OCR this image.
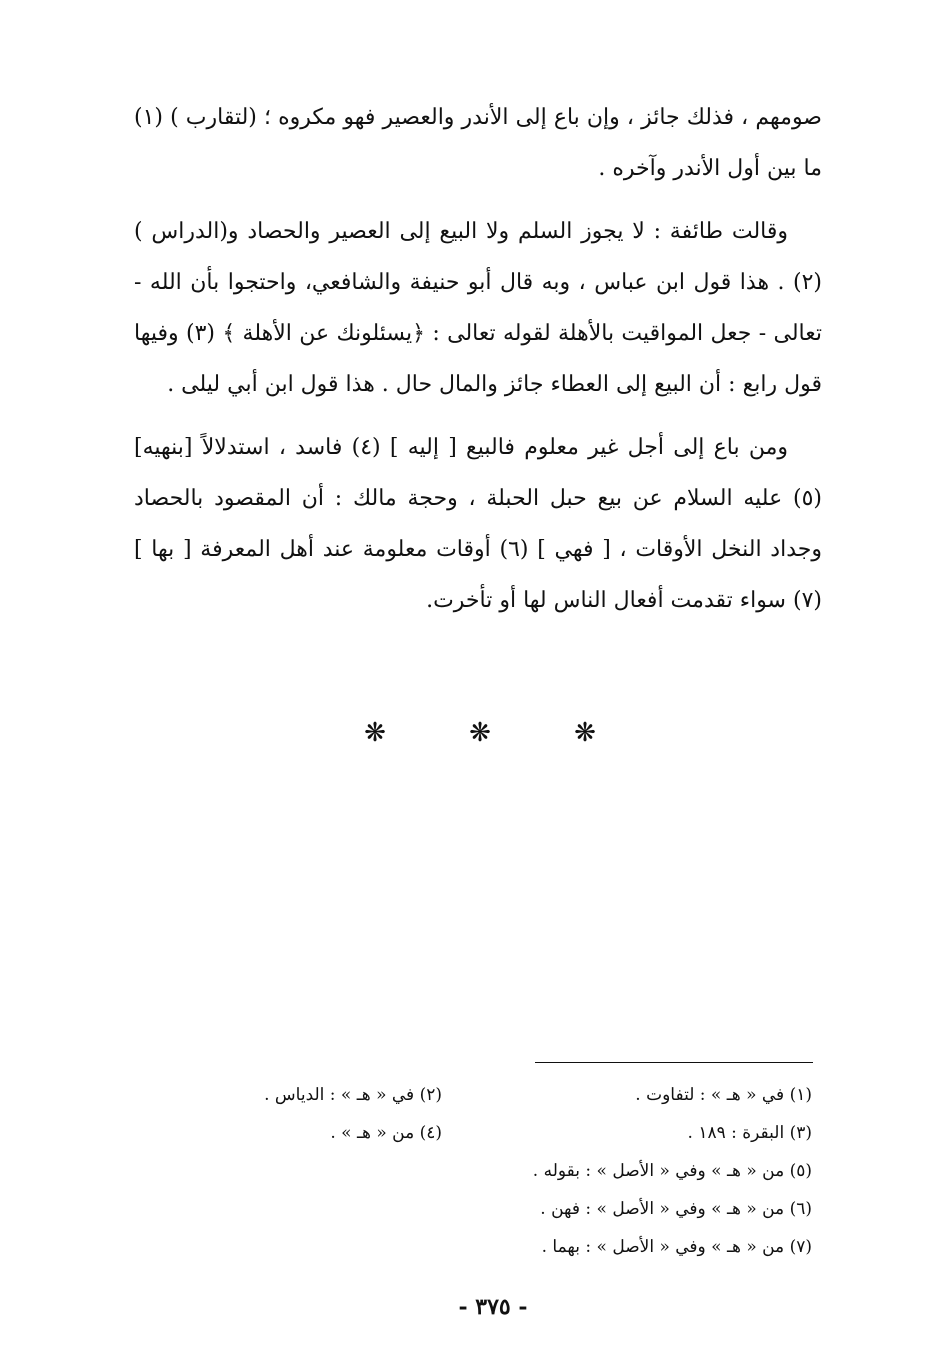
صومهم ، فذلك جائز ، وإن باع إلى الأندر والعصير فهو مكروه ؛ (لتقارب ) (١) ما بين أول الأندر وآخره .

وقالت طائفة : لا يجوز السلم ولا البيع إلى العصير والحصاد و(الدراس ) (٢) . هذا قول ابن عباس ، وبه قال أبو حنيفة والشافعي، واحتجوا بأن الله - تعالى - جعل المواقيت بالأهلة لقوله تعالى : ﴿يسئلونك عن الأهلة ﴾ (٣) وفيها قول رابع : أن البيع إلى العطاء جائز والمال حال . هذا قول ابن أبي ليلى .

ومن باع إلى أجل غير معلوم فالبيع [ إليه ] (٤) فاسد ، استدلالاً [بنهيه] (٥) عليه السلام عن بيع حبل الحبلة ، وحجة مالك : أن المقصود بالحصاد وجداد النخل الأوقات ، [ فهي ] (٦) أوقات معلومة عند أهل المعرفة [ بها ] (٧) سواء تقدمت أفعال الناس لها أو تأخرت.

❋	❋	❋
(١) في « هـ » : لتفاوت .
(٢) في « هـ » : الدياس .
(٣) البقرة : ١٨٩ .
(٤) من « هـ » .
(٥) من « هـ » وفي « الأصل » : بقوله .
(٦) من « هـ » وفي « الأصل » : فهن .
(٧) من « هـ » وفي « الأصل » : بهما .
- ٣٧٥ -
